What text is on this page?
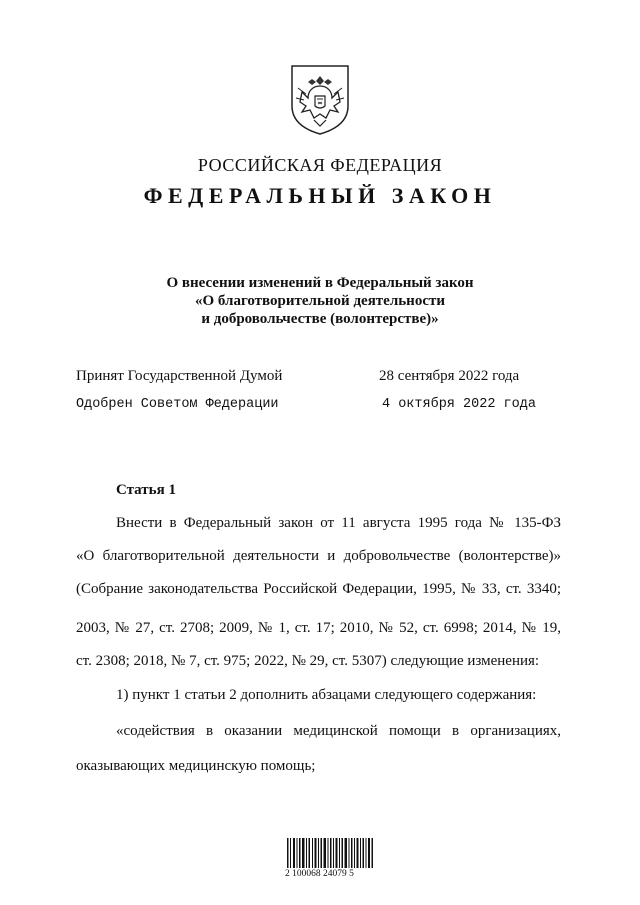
РОССИЙСКАЯ ФЕДЕРАЦИЯ
ФЕДЕРАЛЬНЫЙ ЗАКОН
О внесении изменений в Федеральный закон
«О благотворительной деятельности
и добровольчестве (волонтерстве)»
Принят Государственной Думой	28 сентября 2022 года
Одобрен Советом Федерации	4 октября 2022 года
Статья 1
Внести в Федеральный закон от 11 августа 1995 года № 135-ФЗ
«О благотворительной деятельности и добровольчестве (волонтерстве)»
(Собрание законодательства Российской Федерации, 1995, № 33, ст. 3340;
2003, № 27, ст. 2708; 2009, № 1, ст. 17; 2010, № 52, ст. 6998; 2014, № 19,
ст. 2308; 2018, № 7, ст. 975; 2022, № 29, ст. 5307) следующие изменения:
1) пункт 1 статьи 2 дополнить абзацами следующего содержания:
«содействия в оказании медицинской помощи в организациях,
оказывающих медицинскую помощь;
2 100068 24079 5
